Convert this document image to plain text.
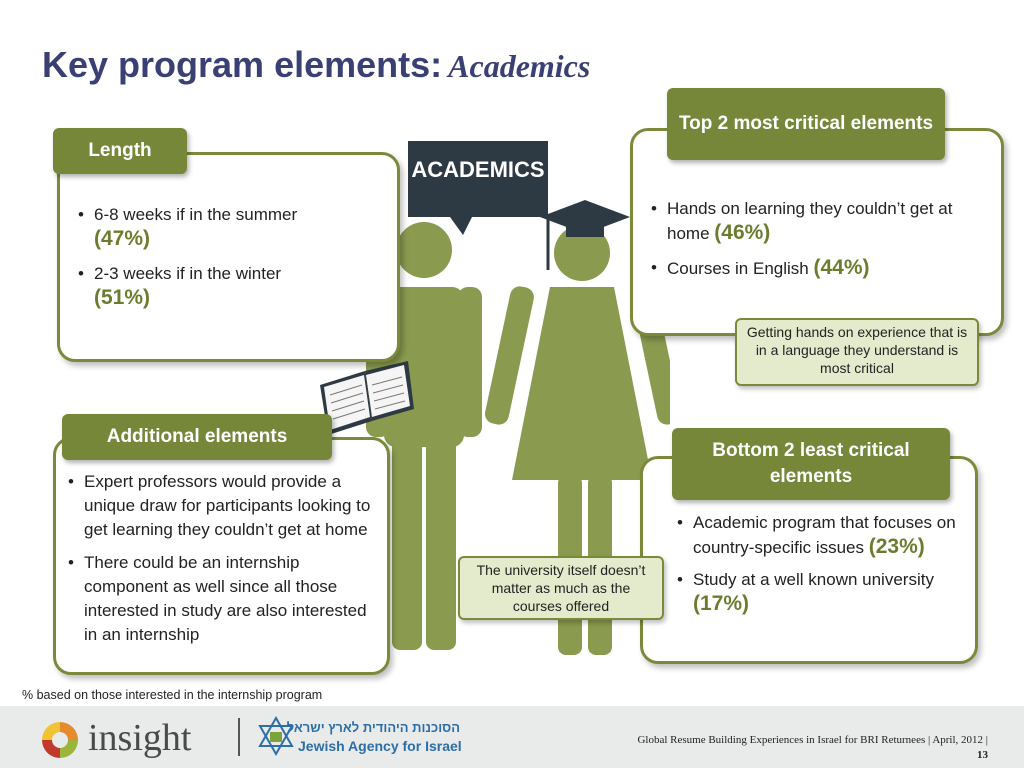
Key program elements: Academics
ACADEMICS
• 6-8 weeks if in the summer
(47%)
• 2-3 weeks if in the winter
(51%)
Length
• Hands on learning they couldn’t get at home (46%)
• Courses in English (44%)
Top 2 most critical elements
Getting hands on experience that is in a language they understand is most critical
• Expert professors would provide a unique draw for participants looking to get learning they couldn’t get at home
• There could be an internship component as well since all those interested in study are also interested in an internship
Additional elements
• Academic program that focuses on country-specific issues (23%)
• Study at a well known university (17%)
Bottom 2 least critical elements
The university itself doesn’t matter as much as the courses offered
% based on those interested in the internship program
insight	הסוכנות היהודית לארץ ישראל
Jewish Agency for Israel	Global Resume Building Experiences in Israel for BRI Returnees | April, 2012 |
13
